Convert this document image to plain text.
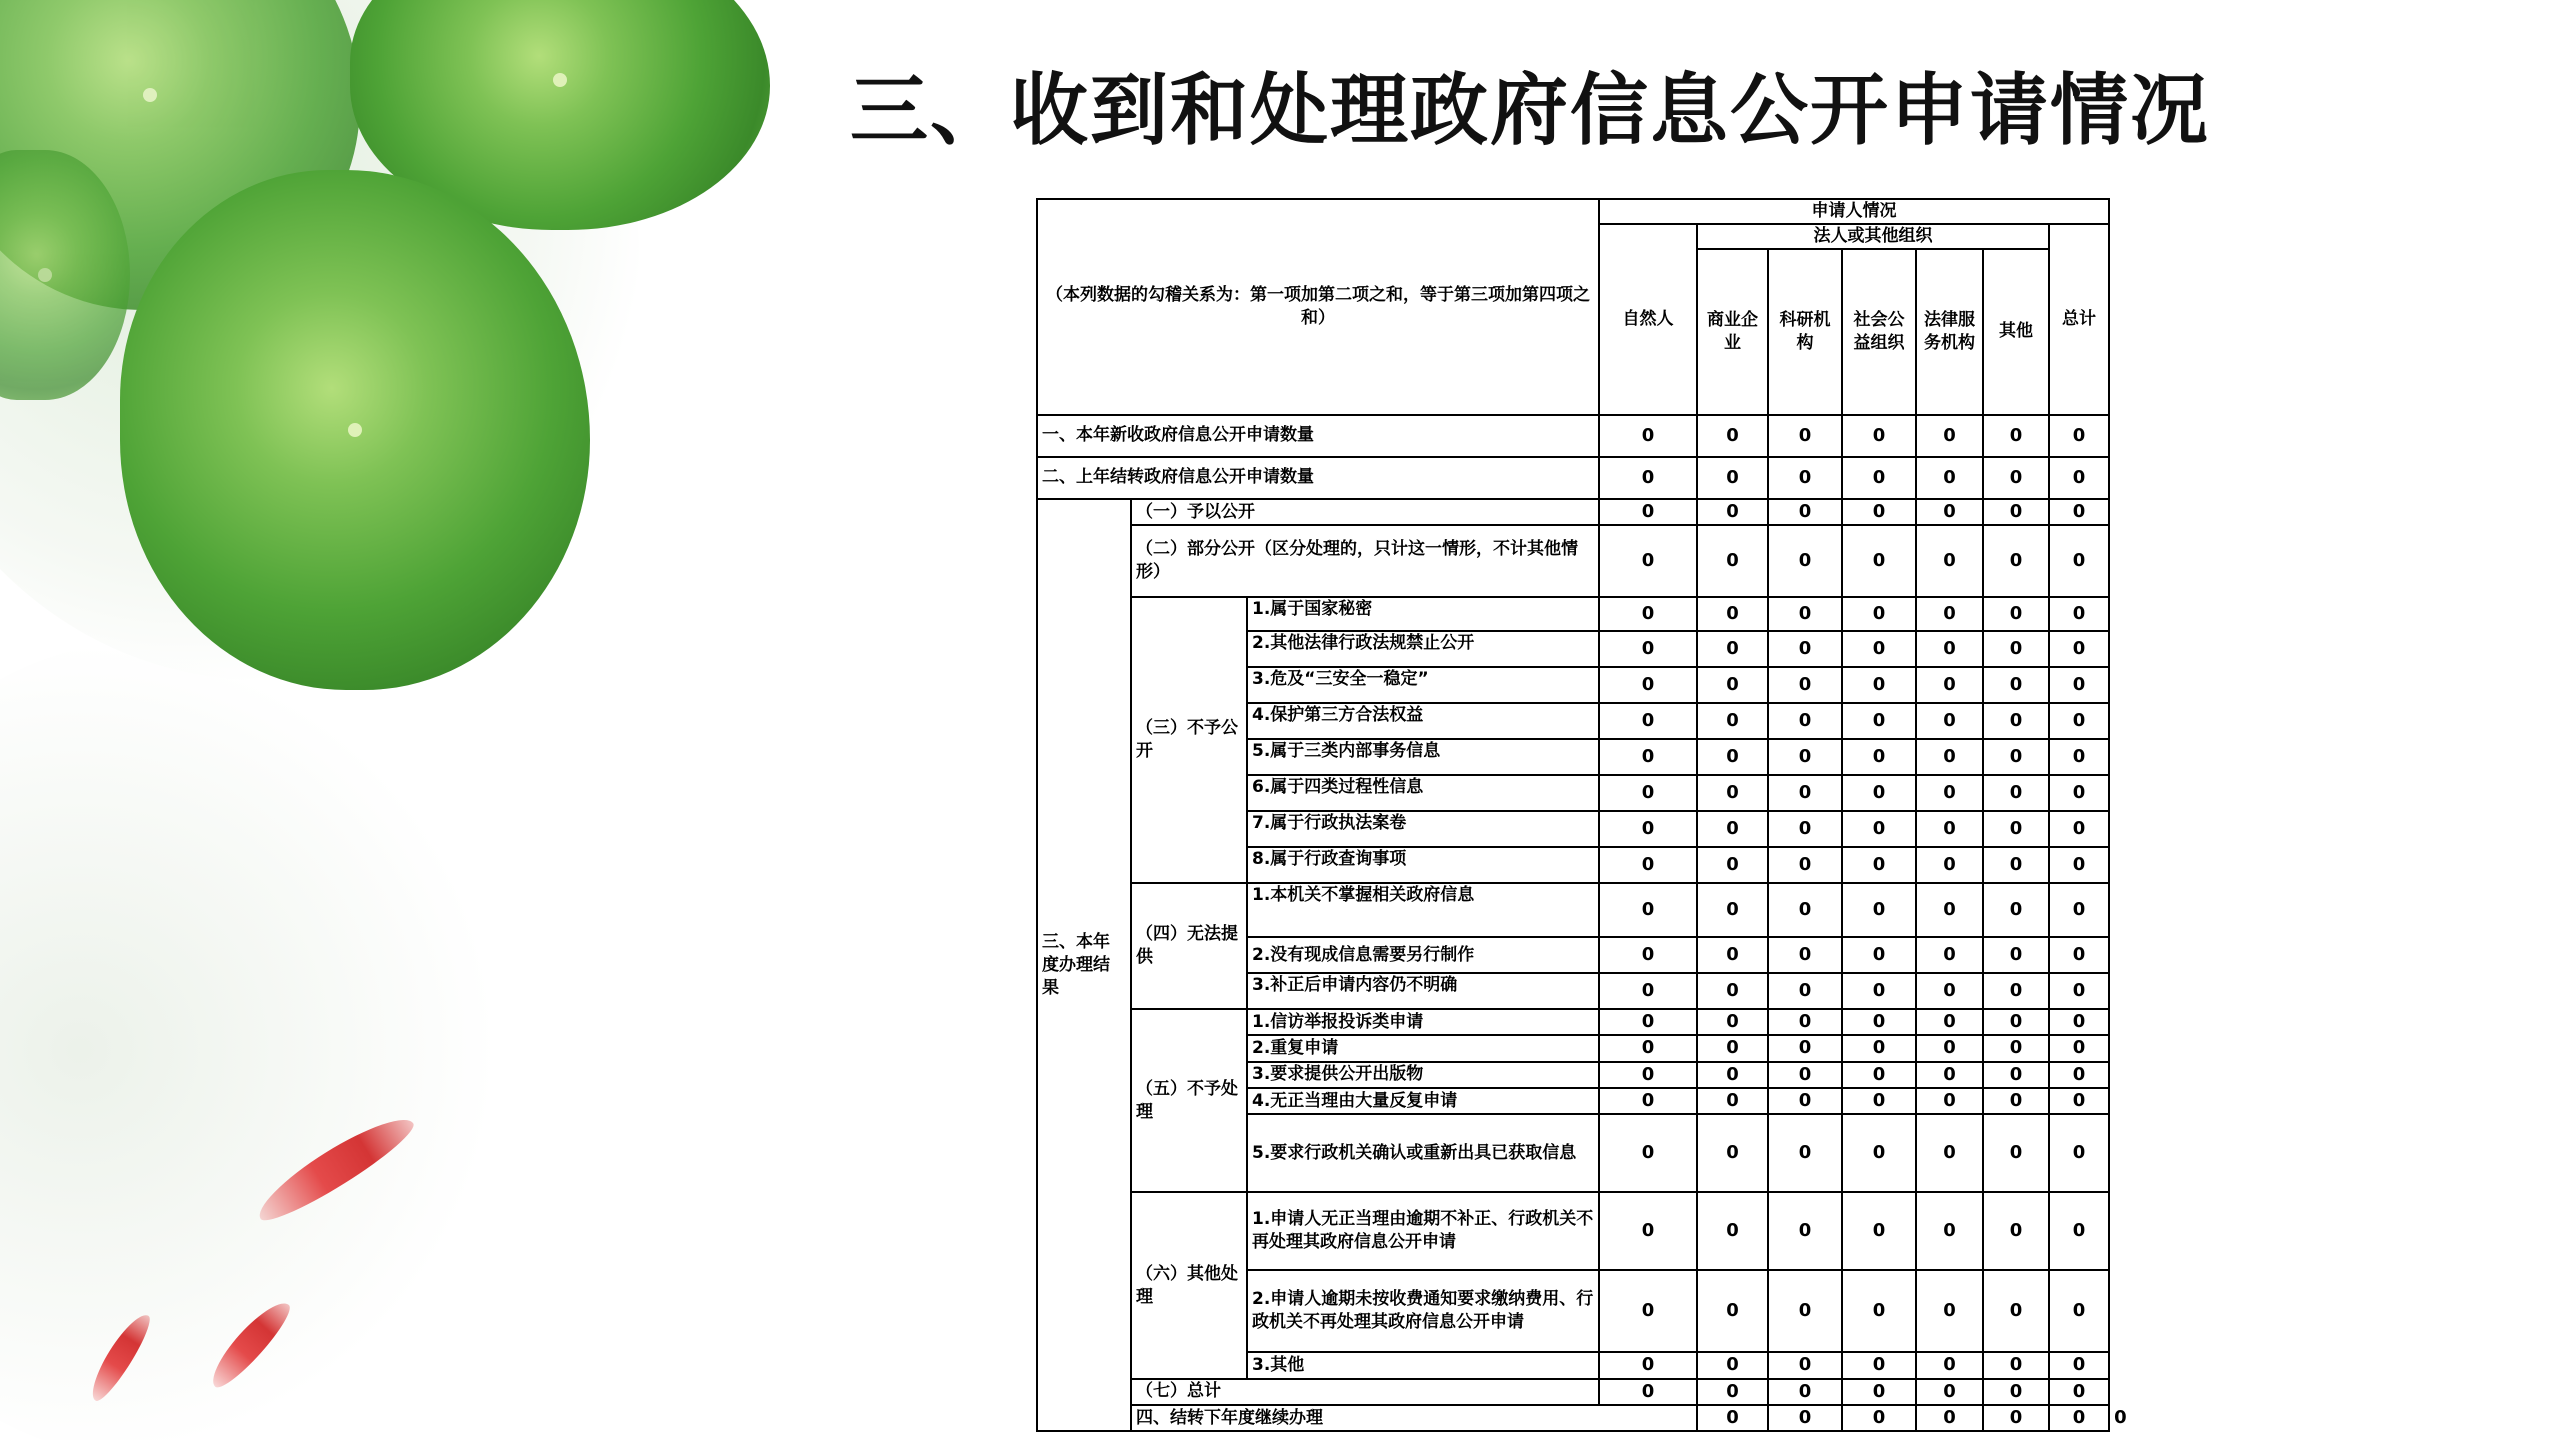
三、收到和处理政府信息公开申请情况
（本列数据的勾稽关系为：第一项加第二项之和，等于第三项加第四项之和）			申请人情况							
			自然人	法人或其他组织					总计	
				商业企业	科研机构	社会公益组织	法律服务机构	其他		
一、本年新收政府信息公开申请数量			0	0	0	0	0	0	0	
二、上年结转政府信息公开申请数量			0	0	0	0	0	0	0	
三、本年度办理结果	（一）予以公开		0	0	0	0	0	0	0	
	（二）部分公开（区分处理的，只计这一情形，不计其他情形）		0	0	0	0	0	0	0	
	（三）不予公开	1.属于国家秘密	0	0	0	0	0	0	0	
		2.其他法律行政法规禁止公开	0	0	0	0	0	0	0	
		3.危及“三安全一稳定”	0	0	0	0	0	0	0	
		4.保护第三方合法权益	0	0	0	0	0	0	0	
		5.属于三类内部事务信息	0	0	0	0	0	0	0	
		6.属于四类过程性信息	0	0	0	0	0	0	0	
		7.属于行政执法案卷	0	0	0	0	0	0	0	
		8.属于行政查询事项	0	0	0	0	0	0	0	
	（四）无法提供	1.本机关不掌握相关政府信息	0	0	0	0	0	0	0	
		2.没有现成信息需要另行制作	0	0	0	0	0	0	0	
		3.补正后申请内容仍不明确	0	0	0	0	0	0	0	
	（五）不予处理	1.信访举报投诉类申请	0	0	0	0	0	0	0	
		2.重复申请	0	0	0	0	0	0	0	
		3.要求提供公开出版物	0	0	0	0	0	0	0	
		4.无正当理由大量反复申请	0	0	0	0	0	0	0	
		5.要求行政机关确认或重新出具已获取信息	0	0	0	0	0	0	0	
	（六）其他处理	1.申请人无正当理由逾期不补正、行政机关不再处理其政府信息公开申请	0	0	0	0	0	0	0	
		2.申请人逾期未按收费通知要求缴纳费用、行政机关不再处理其政府信息公开申请	0	0	0	0	0	0	0	
		3.其他	0	0	0	0	0	0	0	
	（七）总计		0	0	0	0	0	0	0	
	四、结转下年度继续办理			0	0	0	0	0	0	0
